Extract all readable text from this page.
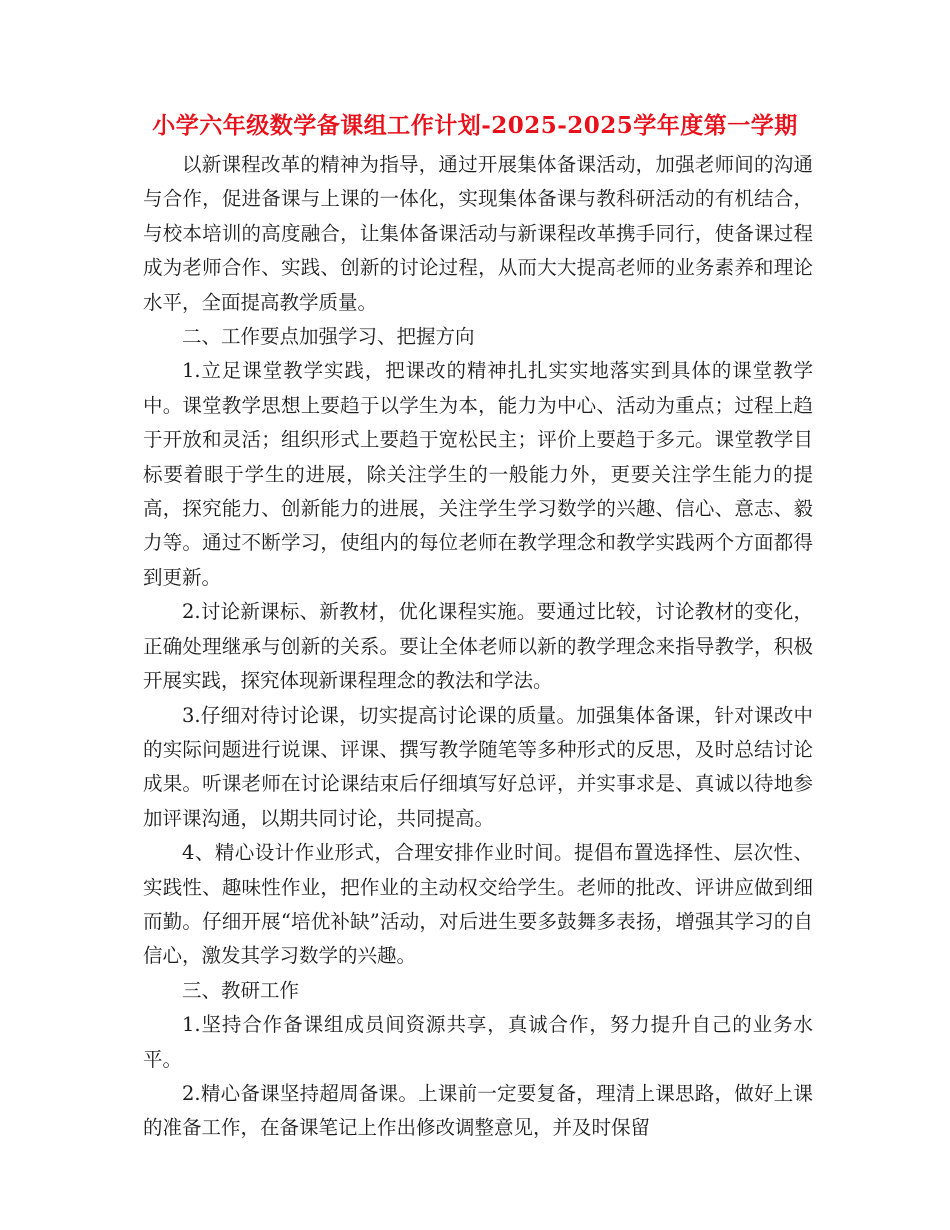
小学六年级数学备课组工作计划-2025-2025学年度第一学期

以新课程改革的精神为指导，通过开展集体备课活动，加强老师间的沟通与合作，促进备课与上课的一体化，实现集体备课与教科研活动的有机结合，与校本培训的高度融合，让集体备课活动与新课程改革携手同行，使备课过程成为老师合作、实践、创新的讨论过程，从而大大提高老师的业务素养和理论水平，全面提高教学质量。

二、工作要点加强学习、把握方向

1.立足课堂教学实践，把课改的精神扎扎实实地落实到具体的课堂教学中。课堂教学思想上要趋于以学生为本，能力为中心、活动为重点；过程上趋于开放和灵活；组织形式上要趋于宽松民主；评价上要趋于多元。课堂教学目标要着眼于学生的进展，除关注学生的一般能力外，更要关注学生能力的提高，探究能力、创新能力的进展，关注学生学习数学的兴趣、信心、意志、毅力等。通过不断学习，使组内的每位老师在教学理念和教学实践两个方面都得到更新。

2.讨论新课标、新教材，优化课程实施。要通过比较，讨论教材的变化，正确处理继承与创新的关系。要让全体老师以新的教学理念来指导教学，积极开展实践，探究体现新课程理念的教法和学法。

3.仔细对待讨论课，切实提高讨论课的质量。加强集体备课，针对课改中的实际问题进行说课、评课、撰写教学随笔等多种形式的反思，及时总结讨论成果。听课老师在讨论课结束后仔细填写好总评，并实事求是、真诚以待地参加评课沟通，以期共同讨论，共同提高。

4、精心设计作业形式，合理安排作业时间。提倡布置选择性、层次性、实践性、趣味性作业，把作业的主动权交给学生。老师的批改、评讲应做到细而勤。仔细开展“培优补缺”活动，对后进生要多鼓舞多表扬，增强其学习的自信心，激发其学习数学的兴趣。

三、教研工作

1.坚持合作备课组成员间资源共享，真诚合作，努力提升自己的业务水平。

2.精心备课坚持超周备课。上课前一定要复备，理清上课思路，做好上课的准备工作，在备课笔记上作出修改调整意见，并及时保留
